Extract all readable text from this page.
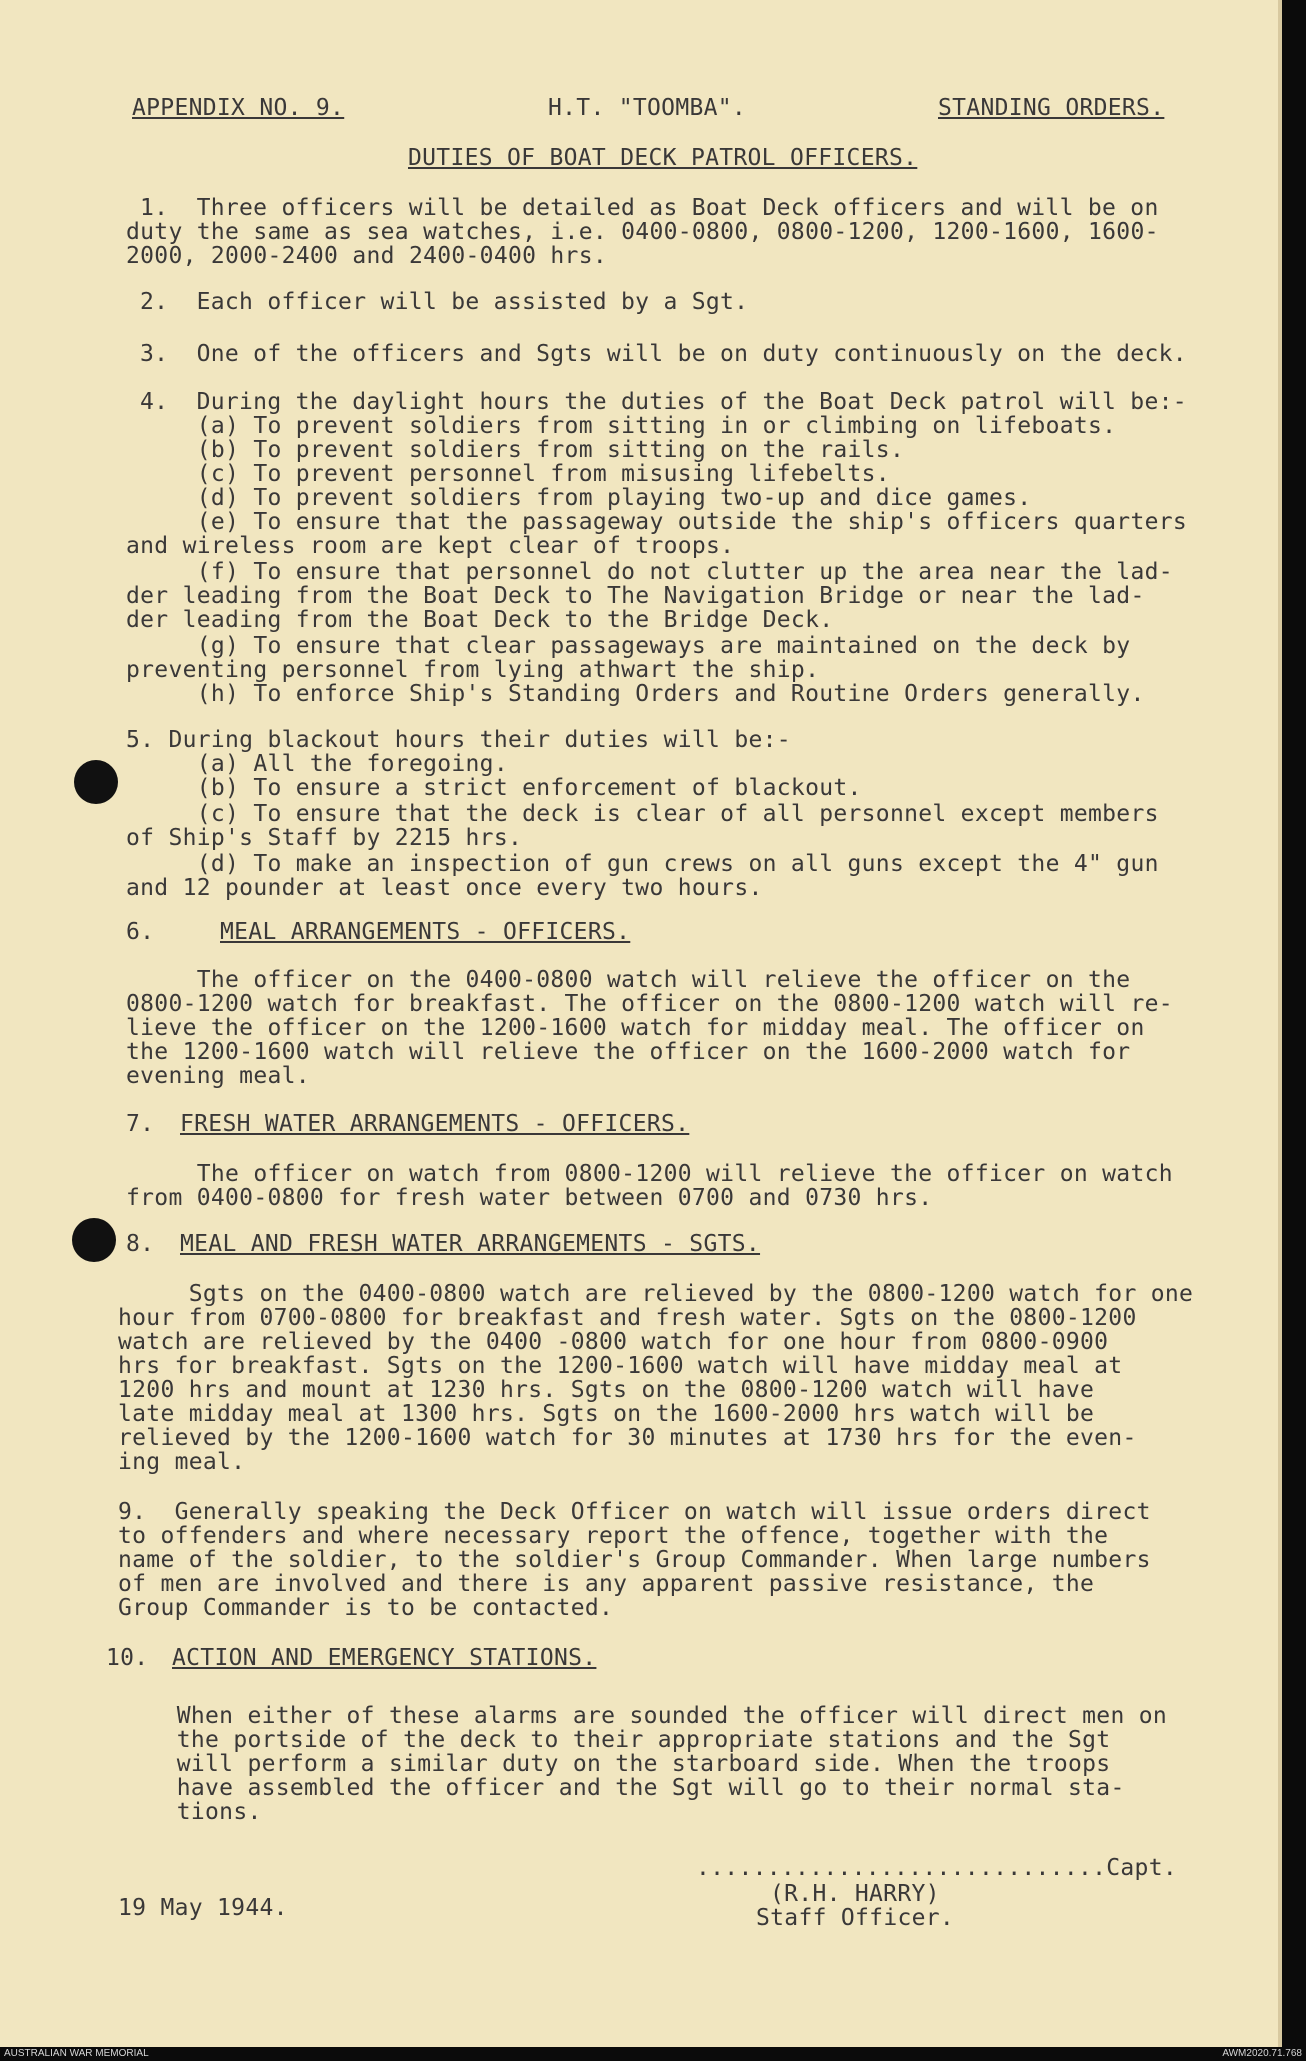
APPENDIX NO. 9.	H.T. "TOOMBA".	STANDING ORDERS.
DUTIES OF BOAT DECK PATROL OFFICERS.
1.  Three officers will be detailed as Boat Deck officers and will be on
duty the same as sea watches, i.e. 0400-0800, 0800-1200, 1200-1600, 1600-
2000, 2000-2400 and 2400-0400 hrs.
2.  Each officer will be assisted by a Sgt.
3.  One of the officers and Sgts will be on duty continuously on the deck.
4.  During the daylight hours the duties of the Boat Deck patrol will be:-
(a) To prevent soldiers from sitting in or climbing on lifeboats.
(b) To prevent soldiers from sitting on the rails.
(c) To prevent personnel from misusing lifebelts.
(d) To prevent soldiers from playing two-up and dice games.
(e) To ensure that the passageway outside the ship's officers quarters
and wireless room are kept clear of troops.
(f) To ensure that personnel do not clutter up the area near the lad-
der leading from the Boat Deck to The Navigation Bridge or near the lad-
der leading from the Boat Deck to the Bridge Deck.
(g) To ensure that clear passageways are maintained on the deck by
preventing personnel from lying athwart the ship.
(h) To enforce Ship's Standing Orders and Routine Orders generally.
5. During blackout hours their duties will be:-
(a) All the foregoing.
(b) To ensure a strict enforcement of blackout.
(c) To ensure that the deck is clear of all personnel except members
of Ship's Staff by 2215 hrs.
(d) To make an inspection of gun crews on all guns except the 4" gun
and 12 pounder at least once every two hours.
6.	MEAL ARRANGEMENTS - OFFICERS.
The officer on the 0400-0800 watch will relieve the officer on the
0800-1200 watch for breakfast. The officer on the 0800-1200 watch will re-
lieve the officer on the 1200-1600 watch for midday meal. The officer on
the 1200-1600 watch will relieve the officer on the 1600-2000 watch for
evening meal.
7. FRESH WATER ARRANGEMENTS - OFFICERS.
The officer on watch from 0800-1200 will relieve the officer on watch
from 0400-0800 for fresh water between 0700 and 0730 hrs.
8. MEAL AND FRESH WATER ARRANGEMENTS - SGTS.
Sgts on the 0400-0800 watch are relieved by the 0800-1200 watch for one
hour from 0700-0800 for breakfast and fresh water. Sgts on the 0800-1200
watch are relieved by the 0400 -0800 watch for one hour from 0800-0900
hrs for breakfast. Sgts on the 1200-1600 watch will have midday meal at
1200 hrs and mount at 1230 hrs. Sgts on the 0800-1200 watch will have
late midday meal at 1300 hrs. Sgts on the 1600-2000 hrs watch will be
relieved by the 1200-1600 watch for 30 minutes at 1730 hrs for the even-
ing meal.
9.  Generally speaking the Deck Officer on watch will issue orders direct
to offenders and where necessary report the offence, together with the
name of the soldier, to the soldier's Group Commander. When large numbers
of men are involved and there is any apparent passive resistance, the
Group Commander is to be contacted.
10. ACTION AND EMERGENCY STATIONS.
When either of these alarms are sounded the officer will direct men on
the portside of the deck to their appropriate stations and the Sgt
will perform a similar duty on the starboard side. When the troops
have assembled the officer and the Sgt will go to their normal sta-
tions.
.............................Capt.
(R.H. HARRY)
Staff Officer.
19 May 1944.
AUSTRALIAN WAR MEMORIAL	AWM2020.71.768
